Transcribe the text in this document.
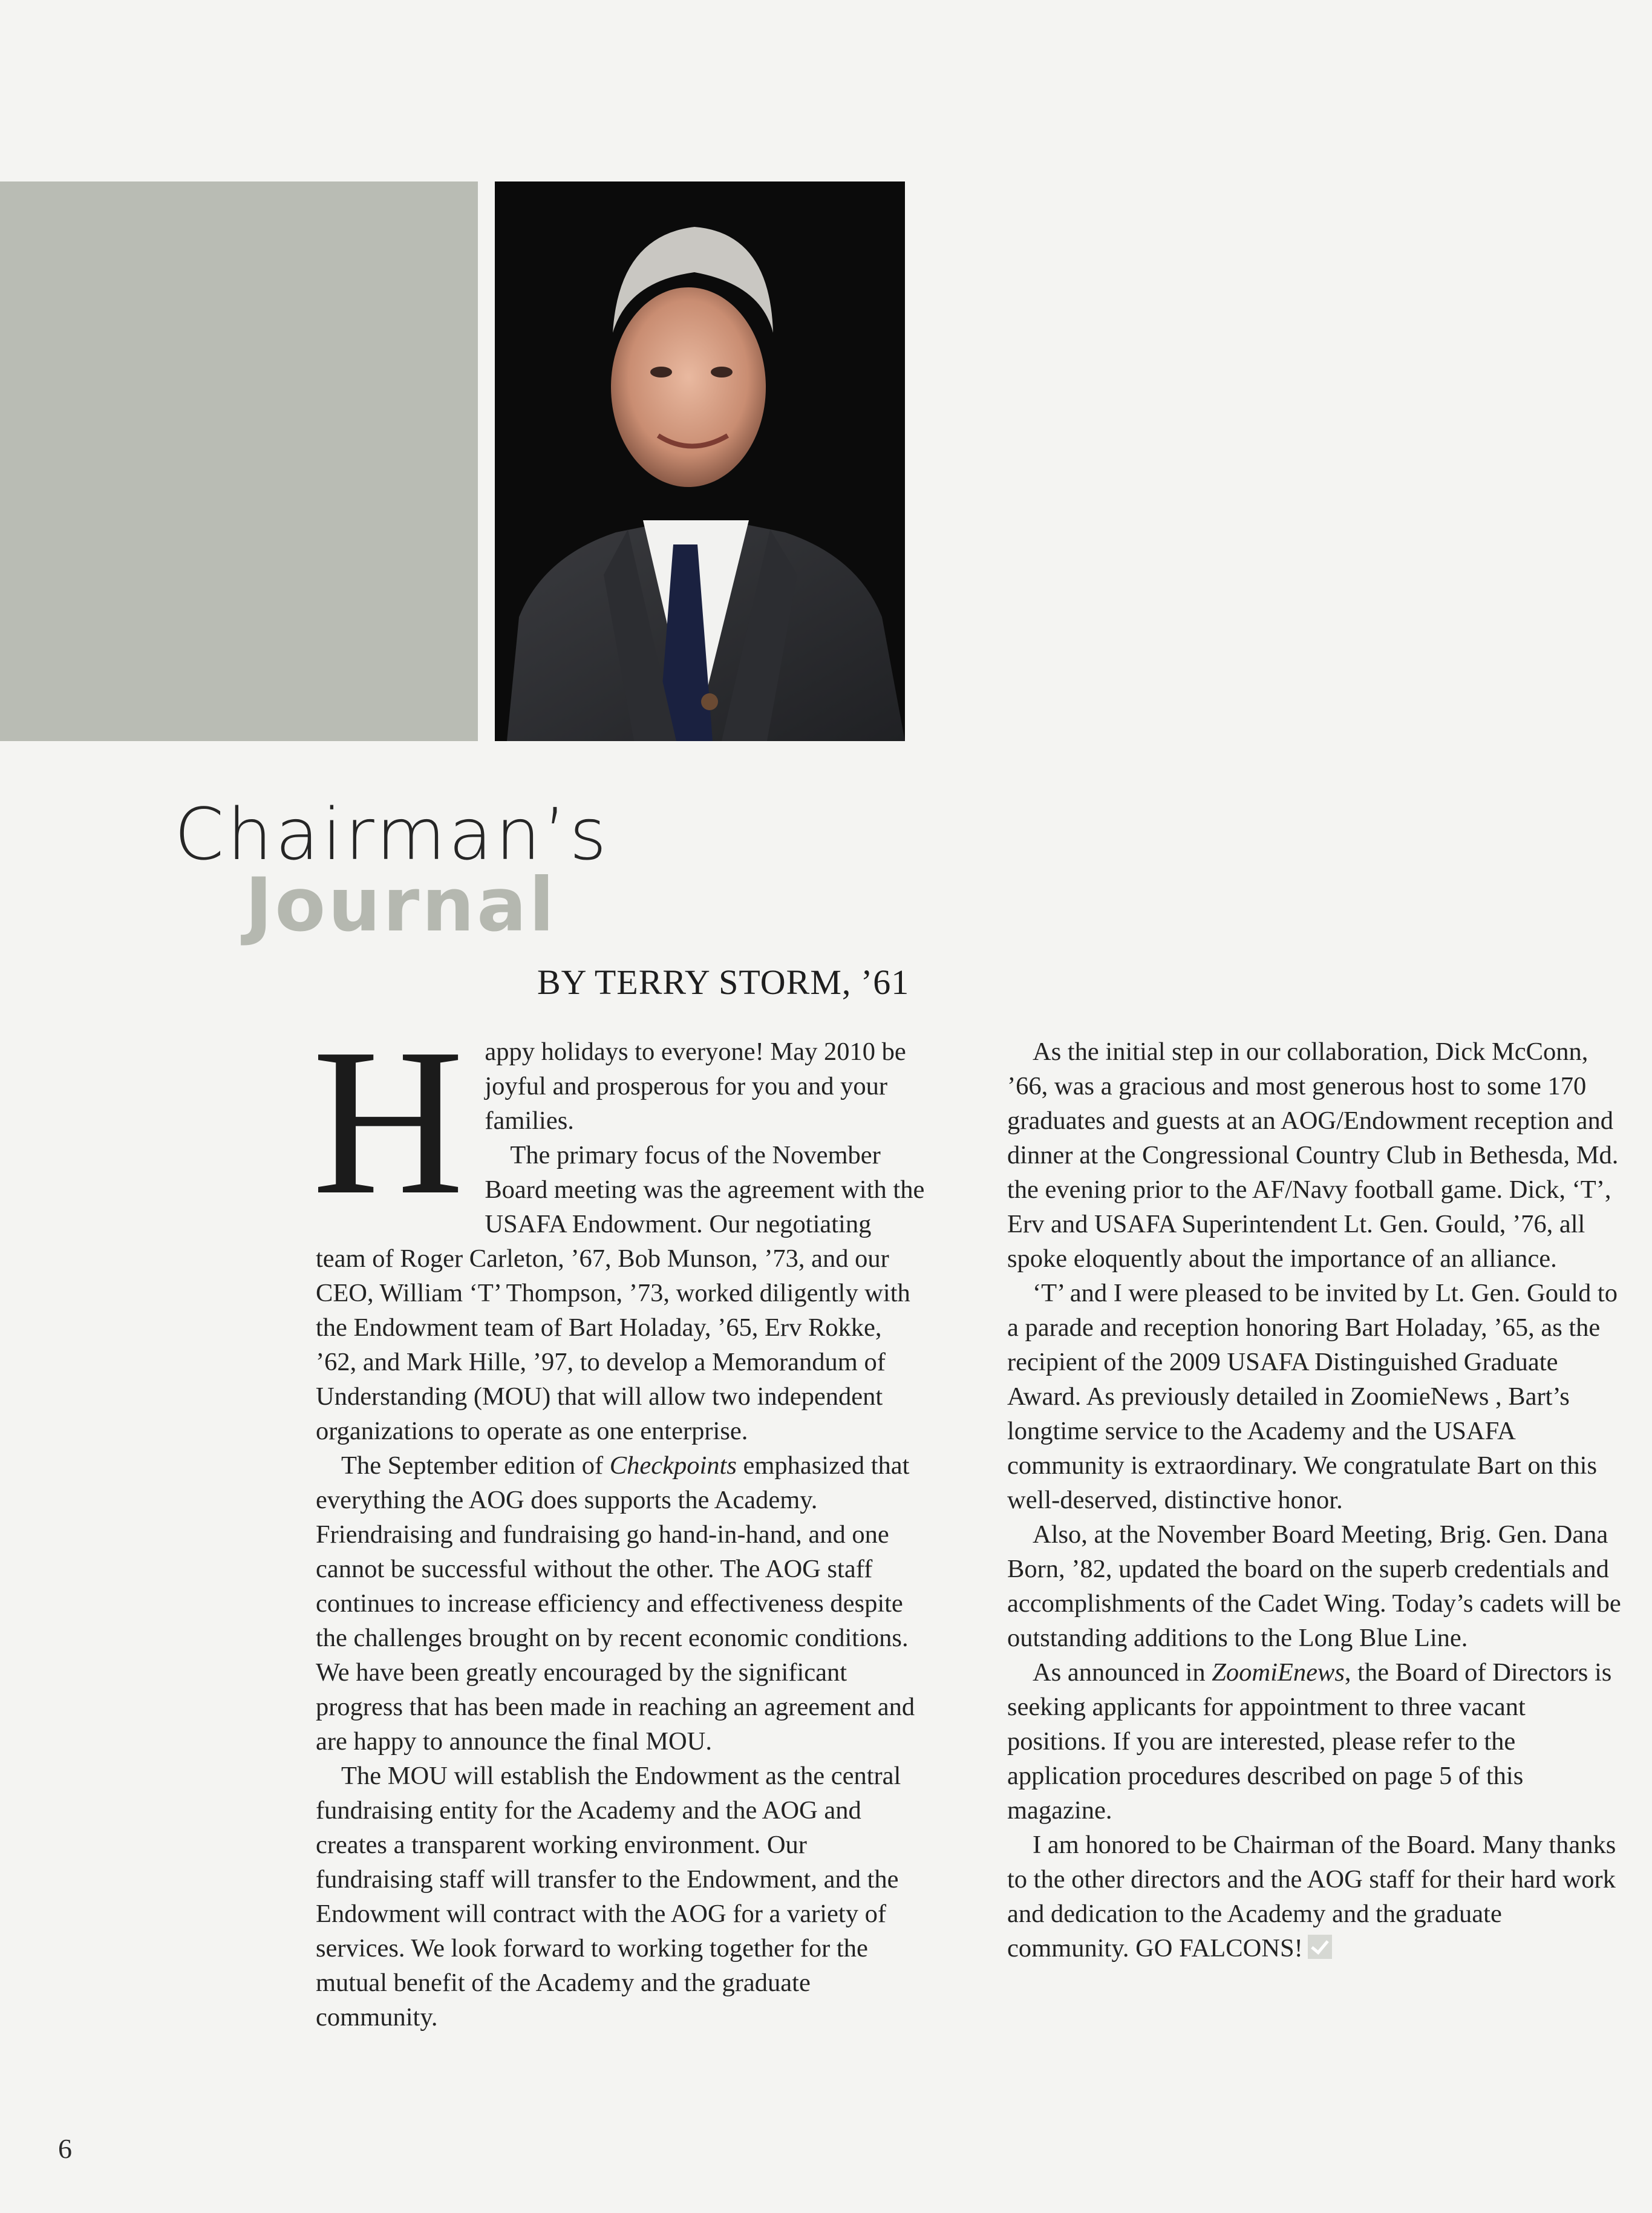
Chairman’s
Journal
BY TERRY STORM, ’61
H appy holidays to everyone! May 2010 be joyful and prosperous for you and your families.

The primary focus of the November Board meeting was the agreement with the USAFA Endowment. Our negotiating team of Roger Carleton, ’67, Bob Munson, ’73, and our CEO, William ‘T’ Thompson, ’73, worked diligently with the Endowment team of Bart Holaday, ’65, Erv Rokke, ’62, and Mark Hille, ’97, to develop a Memorandum of Understanding (MOU) that will allow two independent organizations to operate as one enterprise.

The September edition of Checkpoints emphasized that everything the AOG does supports the Academy. Friendraising and fundraising go hand-in-hand, and one cannot be successful without the other. The AOG staff continues to increase efficiency and effectiveness despite the challenges brought on by recent economic conditions. We have been greatly encouraged by the significant progress that has been made in reaching an agreement and are happy to announce the final MOU.

The MOU will establish the Endowment as the central fundraising entity for the Academy and the AOG and creates a transparent working environment. Our fundraising staff will transfer to the Endowment, and the Endowment will contract with the AOG for a variety of services. We look forward to working together for the mutual benefit of the Academy and the graduate community.

As the initial step in our collaboration, Dick McConn, ’66, was a gracious and most generous host to some 170 graduates and guests at an AOG/Endowment reception and dinner at the Congressional Country Club in Bethesda, Md. the evening prior to the AF/Navy football game. Dick, ‘T’, Erv and USAFA Superintendent Lt. Gen. Gould, ’76, all spoke eloquently about the importance of an alliance.

‘T’ and I were pleased to be invited by Lt. Gen. Gould to a parade and reception honoring Bart Holaday, ’65, as the recipient of the 2009 USAFA Distinguished Graduate Award. As previously detailed in ZoomieNews , Bart’s longtime service to the Academy and the USAFA community is extraordinary. We congratulate Bart on this well-deserved, distinctive honor.

Also, at the November Board Meeting, Brig. Gen. Dana Born, ’82, updated the board on the superb credentials and accomplishments of the Cadet Wing. Today’s cadets will be outstanding additions to the Long Blue Line.

As announced in ZoomiEnews, the Board of Directors is seeking applicants for appointment to three vacant positions. If you are interested, please refer to the application procedures described on page 5 of this magazine.

I am honored to be Chairman of the Board. Many thanks to the other directors and the AOG staff for their hard work and dedication to the Academy and the graduate community. GO FALCONS!

6
